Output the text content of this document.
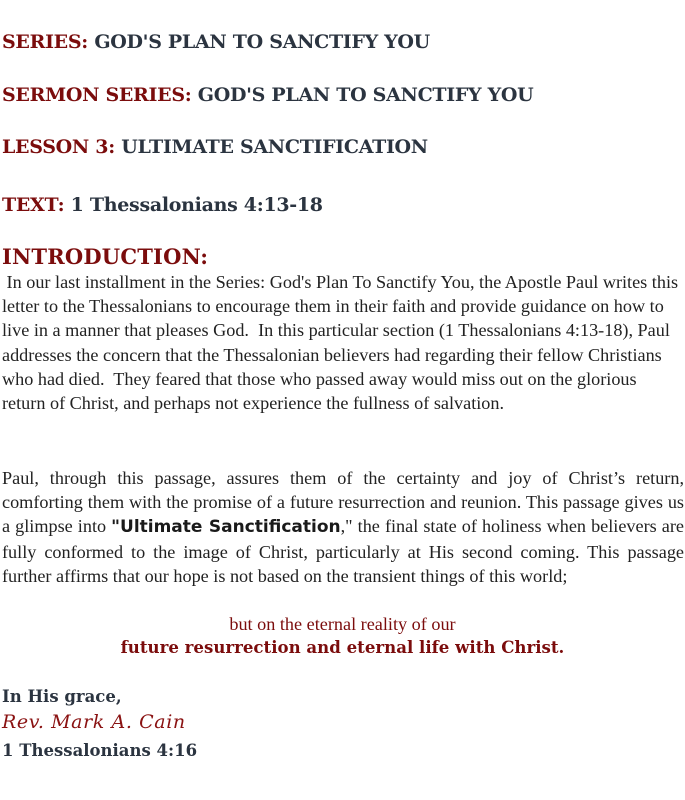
SERIES: GOD'S PLAN TO SANCTIFY YOU
SERMON SERIES: GOD'S PLAN TO SANCTIFY YOU
LESSON 3: ULTIMATE SANCTIFICATION
TEXT: 1 Thessalonians 4:13-18
INTRODUCTION:
In our last installment in the Series: God's Plan To Sanctify You, the Apostle Paul writes this letter to the Thessalonians to encourage them in their faith and provide guidance on how to live in a manner that pleases God.  In this particular section (1 Thessalonians 4:13-18), Paul addresses the concern that the Thessalonian believers had regarding their fellow Christians who had died.  They feared that those who passed away would miss out on the glorious return of Christ, and perhaps not experience the fullness of salvation.
Paul, through this passage, assures them of the certainty and joy of Christ’s return, comforting them with the promise of a future resurrection and reunion. This passage gives us a glimpse into "Ultimate Sanctification," the final state of holiness when believers are fully conformed to the image of Christ, particularly at His second coming. This passage further affirms that our hope is not based on the transient things of this world;
but on the eternal reality of our
future resurrection and eternal life with Christ.
In His grace,
Rev. Mark A. Cain
1 Thessalonians 4:16
